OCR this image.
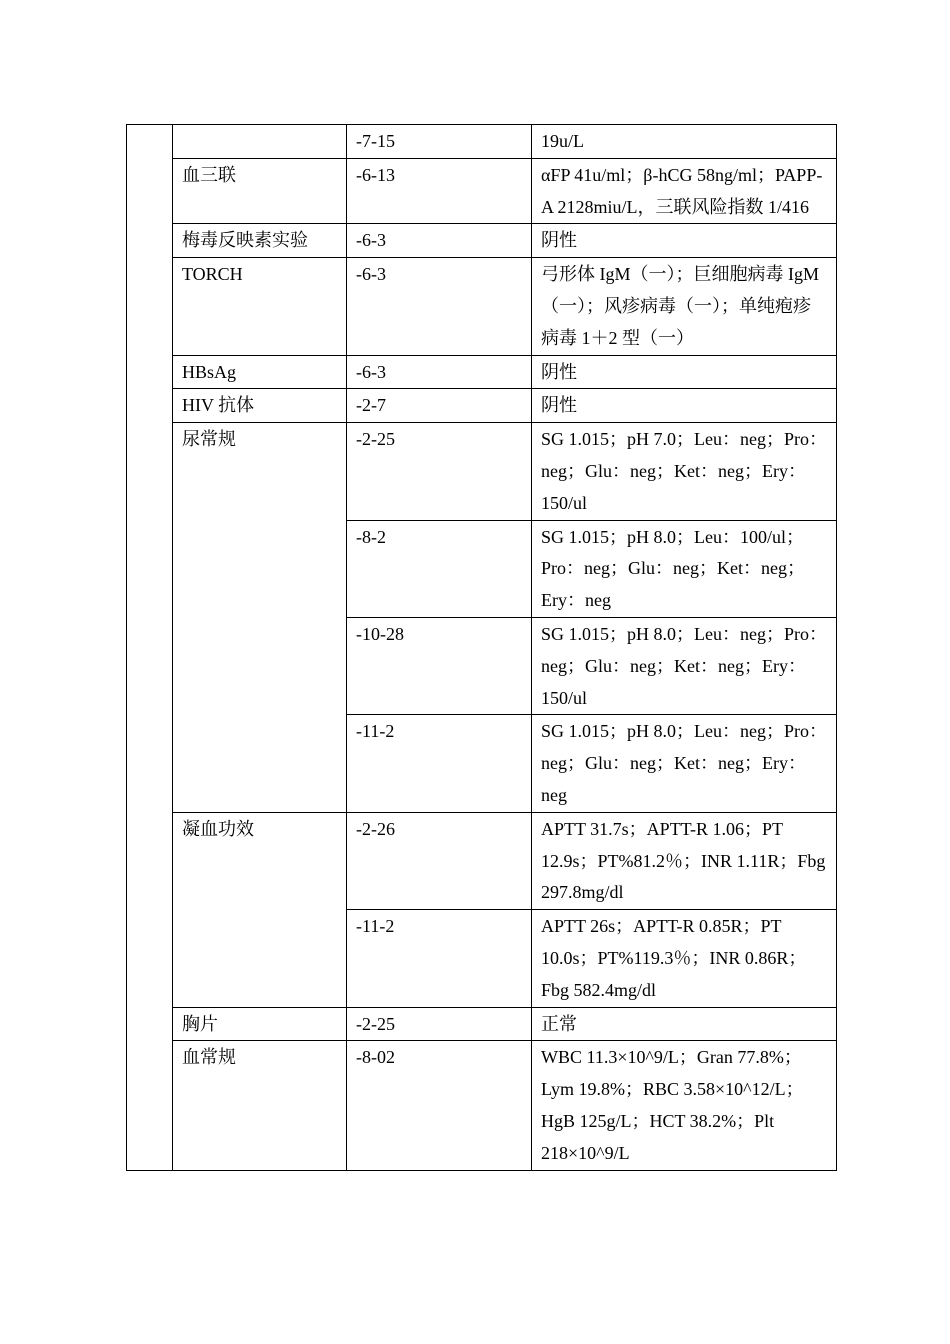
		-7-15	19u/L
	血三联	-6-13	αFP 41u/ml；β-hCG 58ng/ml；PAPP-A 2128miu/L，三联风险指数 1/416
	梅毒反映素实验	-6-3	阴性
	TORCH	-6-3	弓形体 IgM（一）；巨细胞病毒 IgM（一）；风疹病毒（一）；单纯疱疹病毒 1＋2 型（一）
	HBsAg	-6-3	阴性
	HIV 抗体	-2-7	阴性
	尿常规	-2-25	SG 1.015；pH 7.0；Leu：neg；Pro：neg；Glu：neg；Ket：neg；Ery：150/ul
		-8-2	SG 1.015；pH 8.0；Leu：100/ul；Pro：neg；Glu：neg；Ket：neg；Ery：neg
		-10-28	SG 1.015；pH 8.0；Leu：neg；Pro：neg；Glu：neg；Ket：neg；Ery：150/ul
		-11-2	SG 1.015；pH 8.0；Leu：neg；Pro：neg；Glu：neg；Ket：neg；Ery：neg
	凝血功效	-2-26	APTT 31.7s；APTT-R 1.06；PT 12.9s；PT%81.2％；INR 1.11R；Fbg 297.8mg/dl
		-11-2	APTT 26s；APTT-R 0.85R；PT 10.0s；PT%119.3％；INR 0.86R；Fbg 582.4mg/dl
	胸片	-2-25	正常
	血常规	-8-02	WBC 11.3×10^9/L；Gran 77.8%；Lym 19.8%；RBC 3.58×10^12/L；HgB 125g/L；HCT 38.2%；Plt 218×10^9/L
